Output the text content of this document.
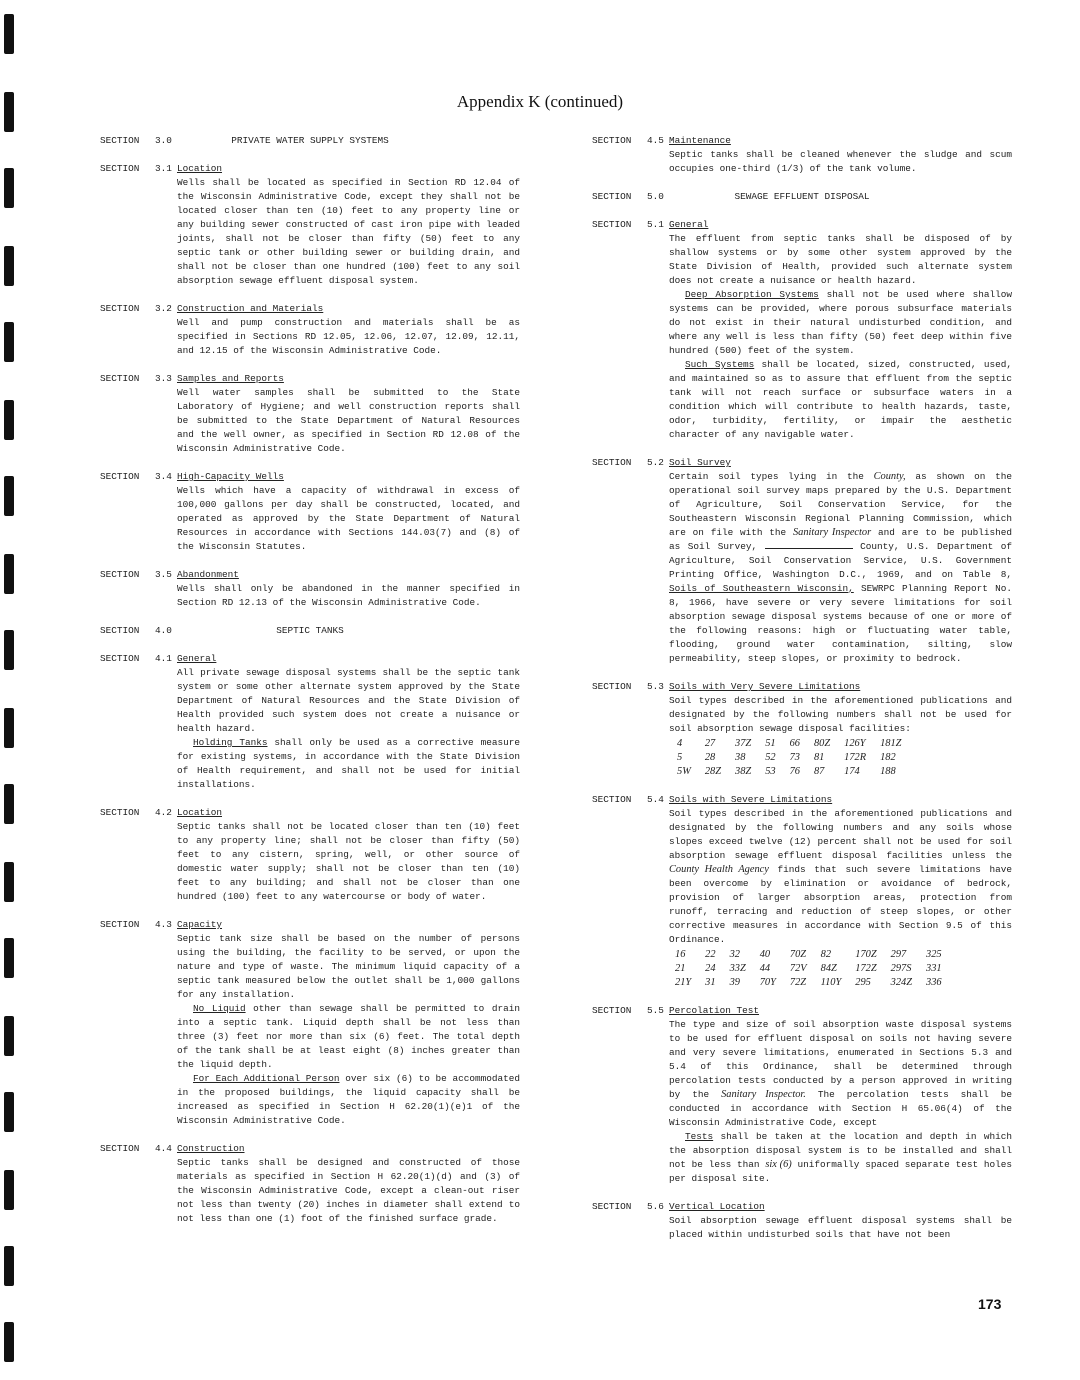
Appendix K (continued)
SECTION 3.0	PRIVATE WATER SUPPLY SYSTEMS
SECTION 3.1 Location

Wells shall be located as specified in Section RD 12.04 of the Wisconsin Administrative Code, except they shall not be located closer than ten (10) feet to any property line or any building sewer constructed of cast iron pipe with leaded joints, shall not be closer than fifty (50) feet to any septic tank or other building sewer or building drain, and shall not be closer than one hundred (100) feet to any soil absorption sewage effluent disposal system.

SECTION 3.2 Construction and Materials

Well and pump construction and materials shall be as specified in Sections RD 12.05, 12.06, 12.07, 12.09, 12.11, and 12.15 of the Wisconsin Administrative Code.

SECTION 3.3 Samples and Reports

Well water samples shall be submitted to the State Laboratory of Hygiene; and well construction reports shall be submitted to the State Department of Natural Resources and the well owner, as specified in Section RD 12.08 of the Wisconsin Administrative Code.

SECTION 3.4 High-Capacity Wells

Wells which have a capacity of withdrawal in excess of 100,000 gallons per day shall be constructed, located, and operated as approved by the State Department of Natural Resources in accordance with Sections 144.03(7) and (8) of the Wisconsin Statutes.

SECTION 3.5 Abandonment

Wells shall only be abandoned in the manner specified in Section RD 12.13 of the Wisconsin Administrative Code.

SECTION 4.0	SEPTIC TANKS
SECTION 4.1 General

All private sewage disposal systems shall be the septic tank system or some other alternate system approved by the State Department of Natural Resources and the State Division of Health provided such system does not create a nuisance or health hazard.

Holding Tanks shall only be used as a corrective measure for existing systems, in accordance with the State Division of Health requirement, and shall not be used for initial installations.

SECTION 4.2 Location

Septic tanks shall not be located closer than ten (10) feet to any property line; shall not be closer than fifty (50) feet to any cistern, spring, well, or other source of domestic water supply; shall not be closer than ten (10) feet to any building; and shall not be closer than one hundred (100) feet to any watercourse or body of water.

SECTION 4.3 Capacity

Septic tank size shall be based on the number of persons using the building, the facility to be served, or upon the nature and type of waste. The minimum liquid capacity of a septic tank measured below the outlet shall be 1,000 gallons for any installation.

No Liquid other than sewage shall be permitted to drain into a septic tank. Liquid depth shall be not less than three (3) feet nor more than six (6) feet. The total depth of the tank shall be at least eight (8) inches greater than the liquid depth.

For Each Additional Person over six (6) to be accommodated in the proposed buildings, the liquid capacity shall be increased as specified in Section H 62.20(1)(e)1 of the Wisconsin Administrative Code.

SECTION 4.4 Construction

Septic tanks shall be designed and constructed of those materials as specified in Section H 62.20(1)(d) and (3) of the Wisconsin Administrative Code, except a clean-out riser not less than twenty (20) inches in diameter shall extend to not less than one (1) foot of the finished surface grade.

SECTION 4.5 Maintenance

Septic tanks shall be cleaned whenever the sludge and scum occupies one-third (1/3) of the tank volume.

SECTION 5.0	SEWAGE EFFLUENT DISPOSAL
SECTION 5.1 General

The effluent from septic tanks shall be disposed of by shallow systems or by some other system approved by the State Division of Health, provided such alternate system does not create a nuisance or health hazard.

Deep Absorption Systems shall not be used where shallow systems can be provided, where porous subsurface materials do not exist in their natural undisturbed condition, and where any well is less than fifty (50) feet deep within five hundred (500) feet of the system.

Such Systems shall be located, sized, constructed, used, and maintained so as to assure that effluent from the septic tank will not reach surface or subsurface waters in a condition which will contribute to health hazards, taste, odor, turbidity, fertility, or impair the aesthetic character of any navigable water.

SECTION 5.2 Soil Survey

Certain soil types lying in the County, as shown on the operational soil survey maps prepared by the U.S. Department of Agriculture, Soil Conservation Service, for the Southeastern Wisconsin Regional Planning Commission, which are on file with the Sanitary Inspector and are to be published as Soil Survey,	County, U.S. Department of Agriculture, Soil Conservation Service, U.S. Government Printing Office, Washington D.C., 1969, and on Table 8, Soils of Southeastern Wisconsin, SEWRPC Planning Report No. 8, 1966, have severe or very severe limitations for soil absorption sewage disposal systems because of one or more of the following reasons: high or fluctuating water table, flooding, ground water contamination, silting, slow permeability, steep slopes, or proximity to bedrock.

SECTION 5.3 Soils with Very Severe Limitations

Soil types described in the aforementioned publications and designated by the following numbers shall not be used for soil absorption sewage disposal facilities:

4	27	37Z	51	66	80Z	126Y	181Z
5	28	38	52	73	81	172R	182
5W	28Z	38Z	53	76	87	174	188
SECTION 5.4 Soils with Severe Limitations

Soil types described in the aforementioned publications and designated by the following numbers and any soils whose slopes exceed twelve (12) percent shall not be used for soil absorption sewage effluent disposal facilities unless the County Health Agency finds that such severe limitations have been overcome by elimination or avoidance of bedrock, provision of larger absorption areas, protection from runoff, terracing and reduction of steep slopes, or other corrective measures in accordance with Section 9.5 of this Ordinance.

16	22	32	40	70Z	82	170Z	297	325
21	24	33Z	44	72V	84Z	172Z	297S	331
21Y	31	39	70Y	72Z	110Y	295	324Z	336
SECTION 5.5 Percolation Test

The type and size of soil absorption waste disposal systems to be used for effluent disposal on soils not having severe and very severe limitations, enumerated in Sections 5.3 and 5.4 of this Ordinance, shall be determined through percolation tests conducted by a person approved in writing by the Sanitary Inspector. The percolation tests shall be conducted in accordance with Section H 65.06(4) of the Wisconsin Administrative Code, except

Tests shall be taken at the location and depth in which the absorption disposal system is to be installed and shall not be less than six (6) uniformally spaced separate test holes per disposal site.

SECTION 5.6 Vertical Location

Soil absorption sewage effluent disposal systems shall be placed within undisturbed soils that have not been

173
